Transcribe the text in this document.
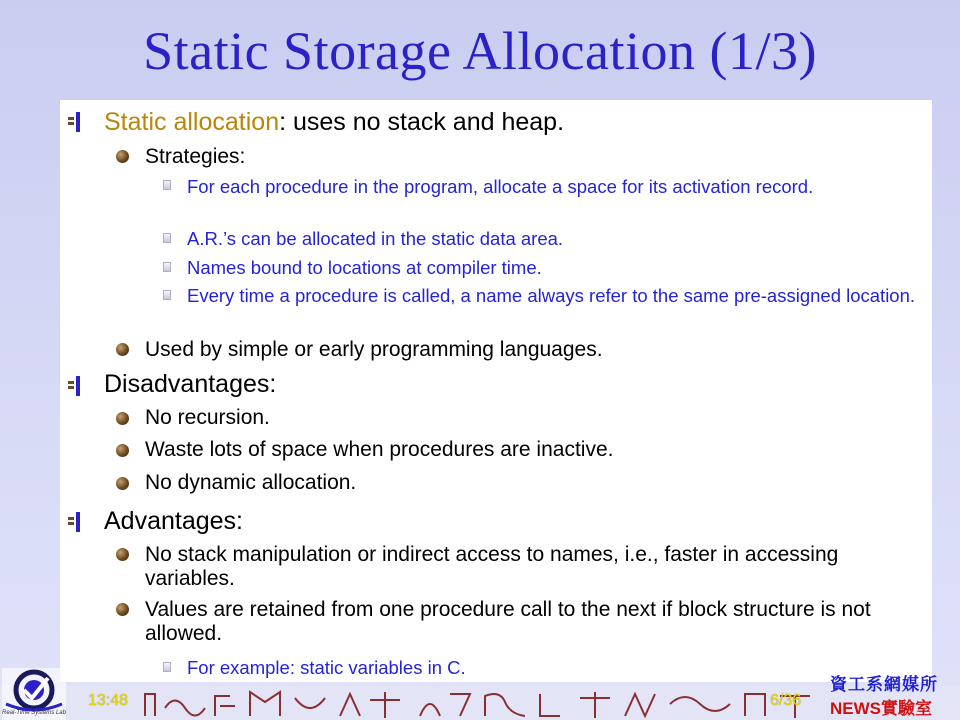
Static Storage Allocation (1/3)
Static allocation: uses no stack and heap.
Strategies:
For each procedure in the program, allocate a space for its activation record.
A.R.’s can be allocated in the static data area.
Names bound to locations at compiler time.
Every time a procedure is called, a name always refer to the same pre-assigned location.
Used by simple or early programming languages.
Disadvantages:
No recursion.
Waste lots of space when procedures are inactive.
No dynamic allocation.
Advantages:
No stack manipulation or indirect access to names, i.e., faster in accessing variables.
Values are retained from one procedure call to the next if block structure is not allowed.
For example: static variables in C.
13:48	6/36
資工系網媒所
NEWS實驗室
Real-Time Systems Lab
